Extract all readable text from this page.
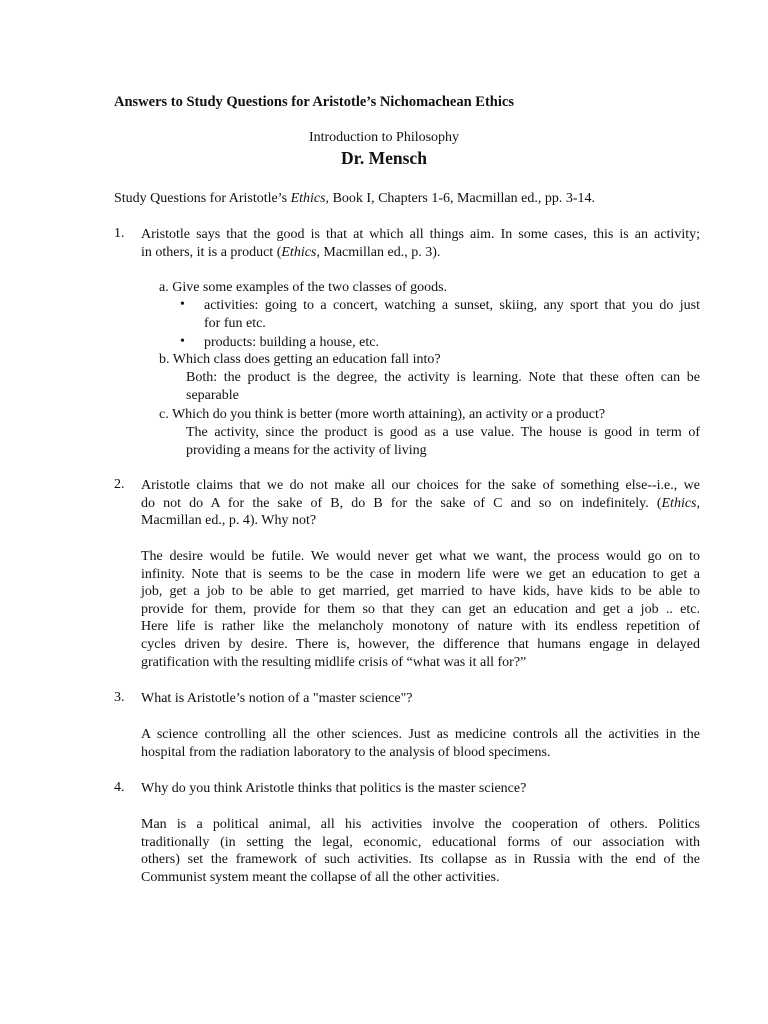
Answers to Study Questions for Aristotle’s Nichomachean Ethics
Introduction to Philosophy
Dr. Mensch
Study Questions for Aristotle’s Ethics, Book I, Chapters 1-6, Macmillan ed., pp. 3-14.
1. Aristotle says that the good is that at which all things aim. In some cases, this is an activity;
in others, it is a product (Ethics, Macmillan ed., p. 3).
a. Give some examples of the two classes of goods.
• activities: going to a concert, watching a sunset, skiing, any sport that you do just
for fun etc.
• products: building a house, etc.
b. Which class does getting an education fall into?
Both: the product is the degree, the activity is learning. Note that these often can be
separable
c. Which do you think is better (more worth attaining), an activity or a product?
The activity, since the product is good as a use value. The house is good in term of
providing a means for the activity of living
2. Aristotle claims that we do not make all our choices for the sake of something else--i.e., we
do not do A for the sake of B, do B for the sake of C and so on indefinitely. (Ethics,
Macmillan ed., p. 4). Why not?
The desire would be futile. We would never get what we want, the process would go on to
infinity. Note that is seems to be the case in modern life were we get an education to get a
job, get a job to be able to get married, get married to have kids, have kids to be able to
provide for them, provide for them so that they can get an education and get a job .. etc.
Here life is rather like the melancholy monotony of nature with its endless repetition of
cycles driven by desire. There is, however, the difference that humans engage in delayed
gratification with the resulting midlife crisis of “what was it all for?”
3. What is Aristotle’s notion of a "master science"?
A science controlling all the other sciences. Just as medicine controls all the activities in the
hospital from the radiation laboratory to the analysis of blood specimens.
4. Why do you think Aristotle thinks that politics is the master science?
Man is a political animal, all his activities involve the cooperation of others. Politics
traditionally (in setting the legal, economic, educational forms of our association with
others) set the framework of such activities. Its collapse as in Russia with the end of the
Communist system meant the collapse of all the other activities.
